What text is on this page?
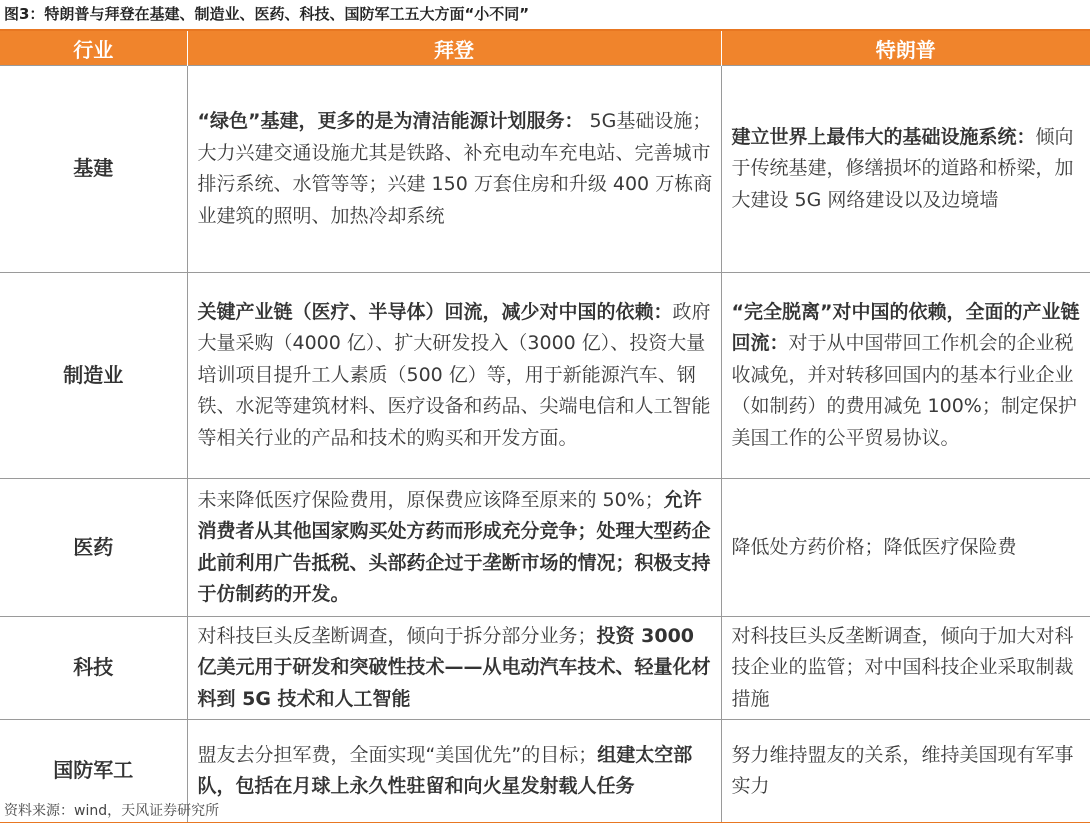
图3：特朗普与拜登在基建、制造业、医药、科技、国防军工五大方面“小不同”
行业	拜登	特朗普
基建	“绿色”基建，更多的是为清洁能源计划服务： 5G基础设施；大力兴建交通设施尤其是铁路、补充电动车充电站、完善城市排污系统、水管等等；兴建 150 万套住房和升级 400 万栋商业建筑的照明、加热冷却系统	建立世界上最伟大的基础设施系统：倾向于传统基建，修缮损坏的道路和桥梁，加大建设 5G 网络建设以及边境墙
制造业	关键产业链（医疗、半导体）回流，减少对中国的依赖：政府大量采购（4000 亿）、扩大研发投入（3000 亿）、投资大量培训项目提升工人素质（500 亿）等，用于新能源汽车、钢铁、水泥等建筑材料、医疗设备和药品、尖端电信和人工智能等相关行业的产品和技术的购买和开发方面。	“完全脱离”对中国的依赖，全面的产业链回流：对于从中国带回工作机会的企业税收减免，并对转移回国内的基本行业企业（如制药）的费用减免 100%；制定保护美国工作的公平贸易协议。
医药	未来降低医疗保险费用，原保费应该降至原来的 50%；允许消费者从其他国家购买处方药而形成充分竞争；处理大型药企此前利用广告抵税、头部药企过于垄断市场的情况；积极支持于仿制药的开发。	降低处方药价格；降低医疗保险费
科技	对科技巨头反垄断调查，倾向于拆分部分业务；投资 3000 亿美元用于研发和突破性技术——从电动汽车技术、轻量化材料到 5G 技术和人工智能	对科技巨头反垄断调查，倾向于加大对科技企业的监管；对中国科技企业采取制裁措施
国防军工	盟友去分担军费，全面实现“美国优先”的目标；组建太空部队，包括在月球上永久性驻留和向火星发射载人任务	努力维持盟友的关系，维持美国现有军事实力
资料来源：wind，天风证券研究所
